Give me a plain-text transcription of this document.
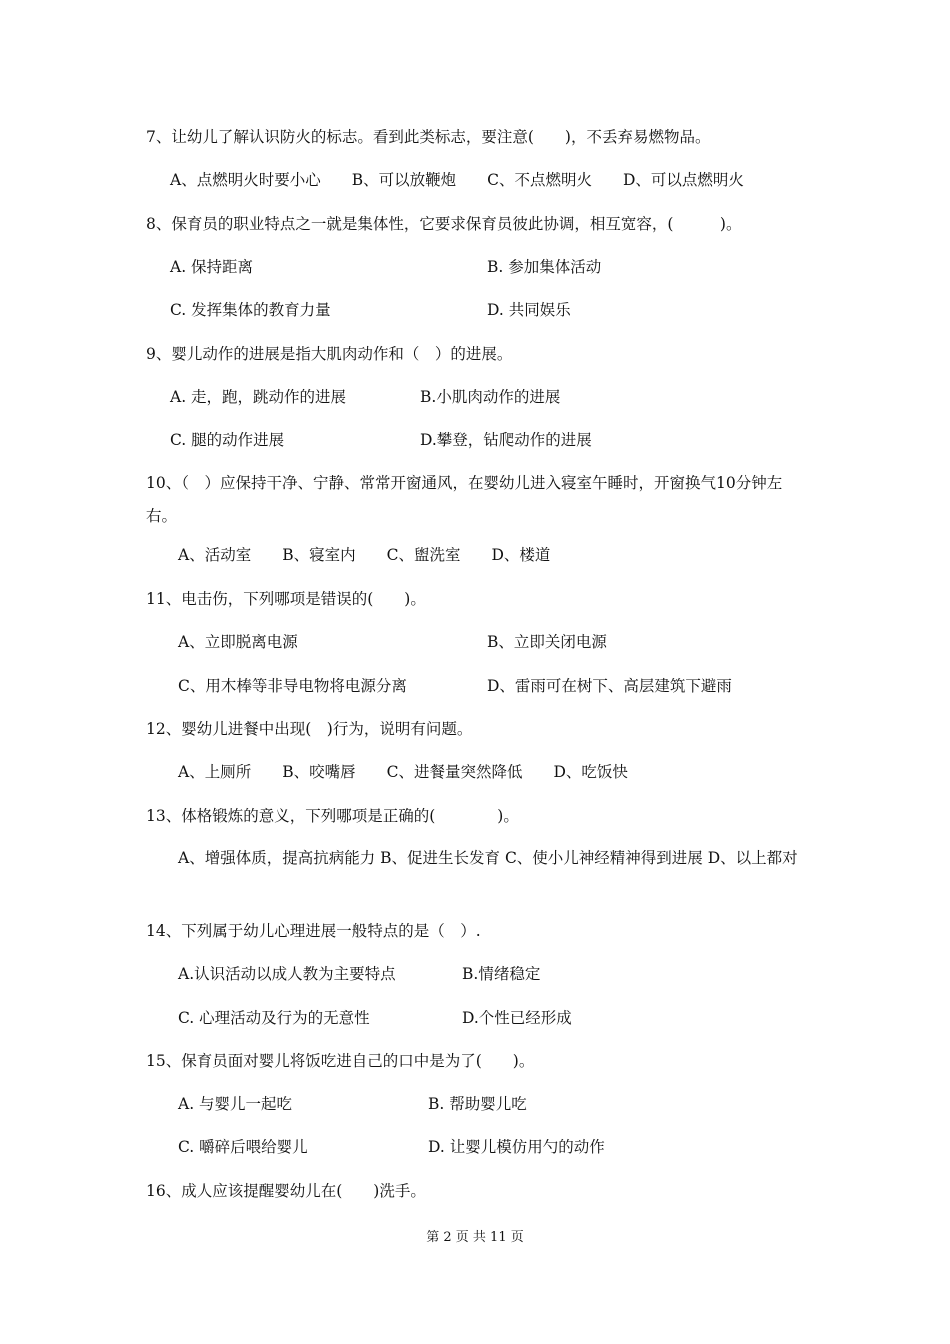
7、让幼儿了解认识防火的标志。看到此类标志，要注意(　　)，不丢弃易燃物品。
A、点燃明火时要小心　　B、可以放鞭炮　　C、不点燃明火　　D、可以点燃明火
8、保育员的职业特点之一就是集体性，它要求保育员彼此协调，相互宽容，(　　　)。
A. 保持距离	B. 参加集体活动
C. 发挥集体的教育力量	D. 共同娱乐
9、婴儿动作的进展是指大肌肉动作和（　）的进展。
A. 走，跑，跳动作的进展	B.小肌肉动作的进展
C. 腿的动作进展	D.攀登，钻爬动作的进展
10、（　）应保持干净、宁静、常常开窗通风，在婴幼儿进入寝室午睡时，开窗换气10分钟左右。
A、活动室　　B、寝室内　　C、盥洗室　　D、楼道
11、电击伤，下列哪项是错误的(　　)。
A、立即脱离电源	B、立即关闭电源
C、用木棒等非导电物将电源分离	D、雷雨可在树下、高层建筑下避雨
12、婴幼儿进餐中出现(　)行为，说明有问题。
A、上厕所　　B、咬嘴唇　　C、进餐量突然降低　　D、吃饭快
13、体格锻炼的意义，下列哪项是正确的(　　　　)。
A、增强体质，提高抗病能力 B、促进生长发育 C、使小儿神经精神得到进展 D、以上都对
14、下列属于幼儿心理进展一般特点的是（　）.
A.认识活动以成人教为主要特点	B.情绪稳定
C. 心理活动及行为的无意性	D.个性已经形成
15、保育员面对婴儿将饭吃进自己的口中是为了(　　)。
A. 与婴儿一起吃	B. 帮助婴儿吃
C. 嚼碎后喂给婴儿	D. 让婴儿模仿用勺的动作
16、成人应该提醒婴幼儿在(　　)洗手。
第 2 页 共 11 页
